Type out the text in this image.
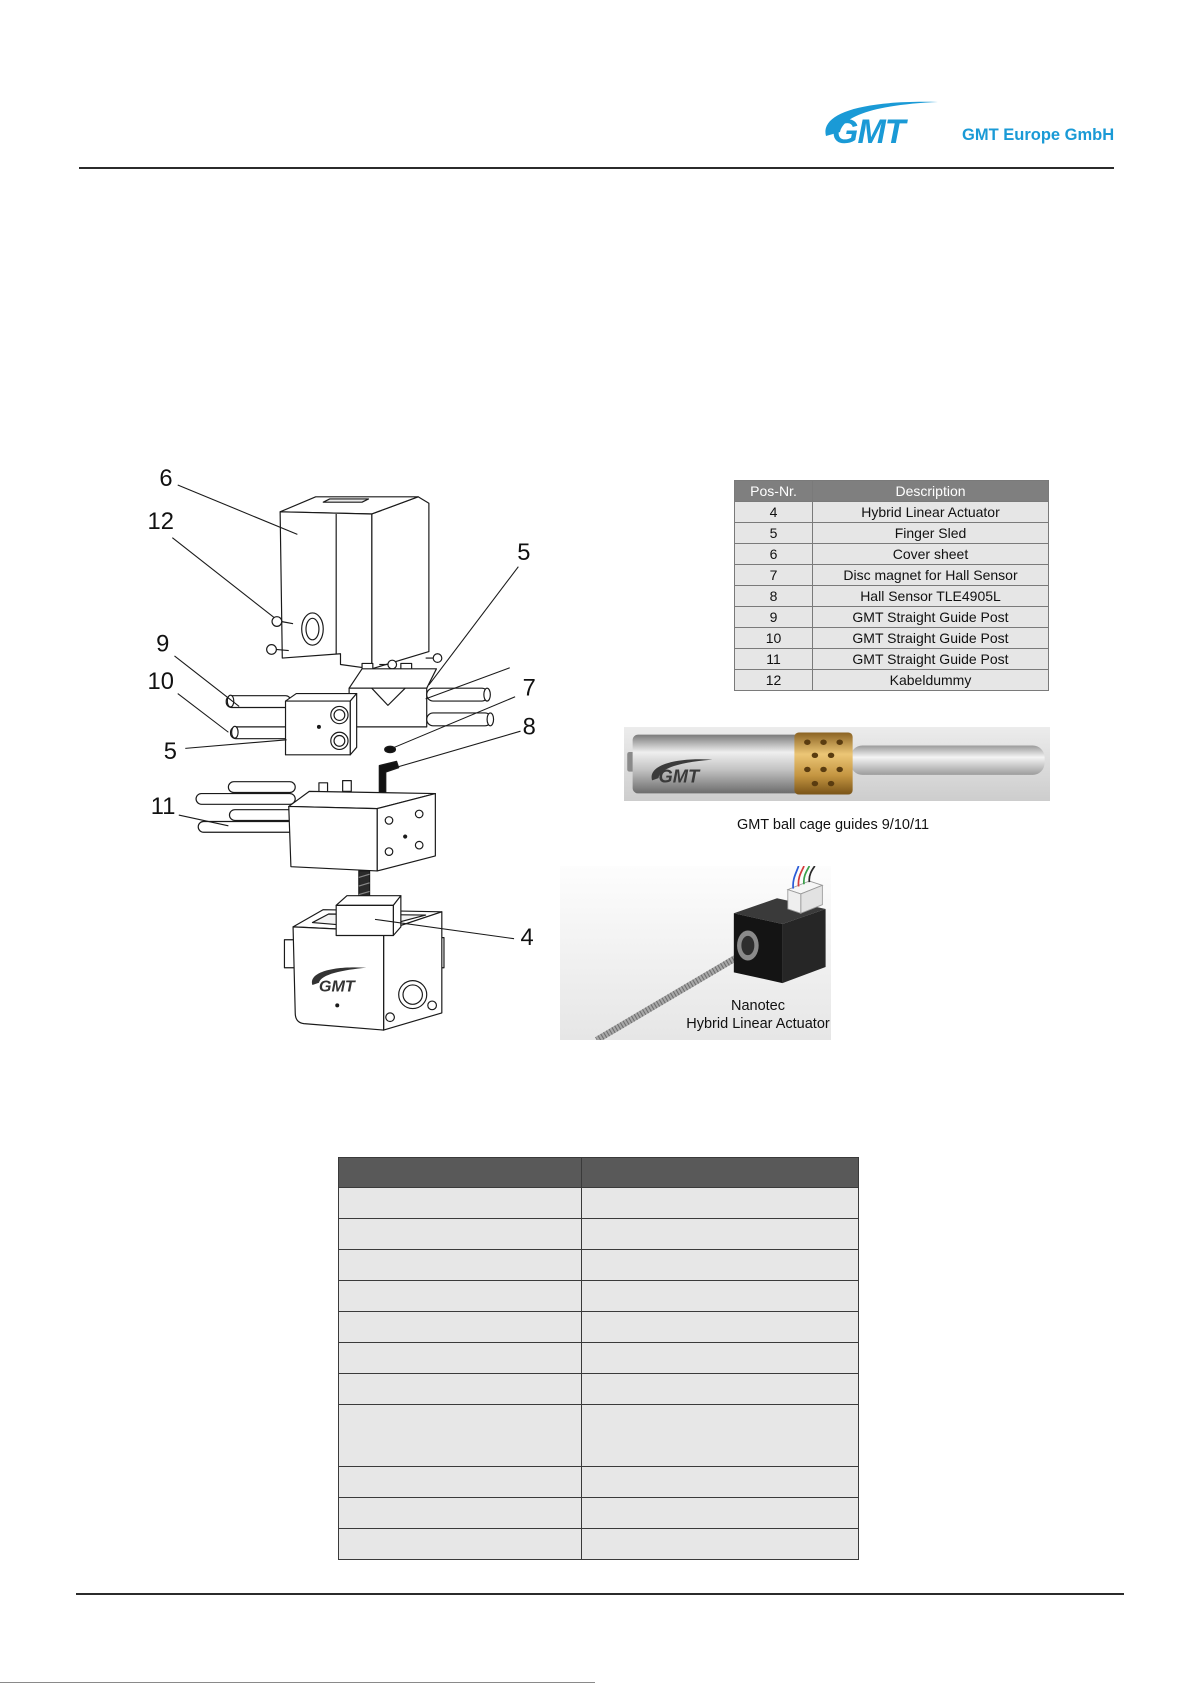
GMT	GMT Europe GmbH
GMT
6
12
5
9
10	7
8
5
11
4
Pos-Nr.	Description
4	Hybrid Linear Actuator
5	Finger Sled
6	Cover sheet
7	Disc magnet for Hall Sensor
8	Hall Sensor TLE4905L
9	GMT Straight Guide Post
10	GMT Straight Guide Post
11	GMT Straight Guide Post
12	Kabeldummy
GMT
GMT ball cage guides 9/10/11
Nanotec
Hybrid Linear Actuator
